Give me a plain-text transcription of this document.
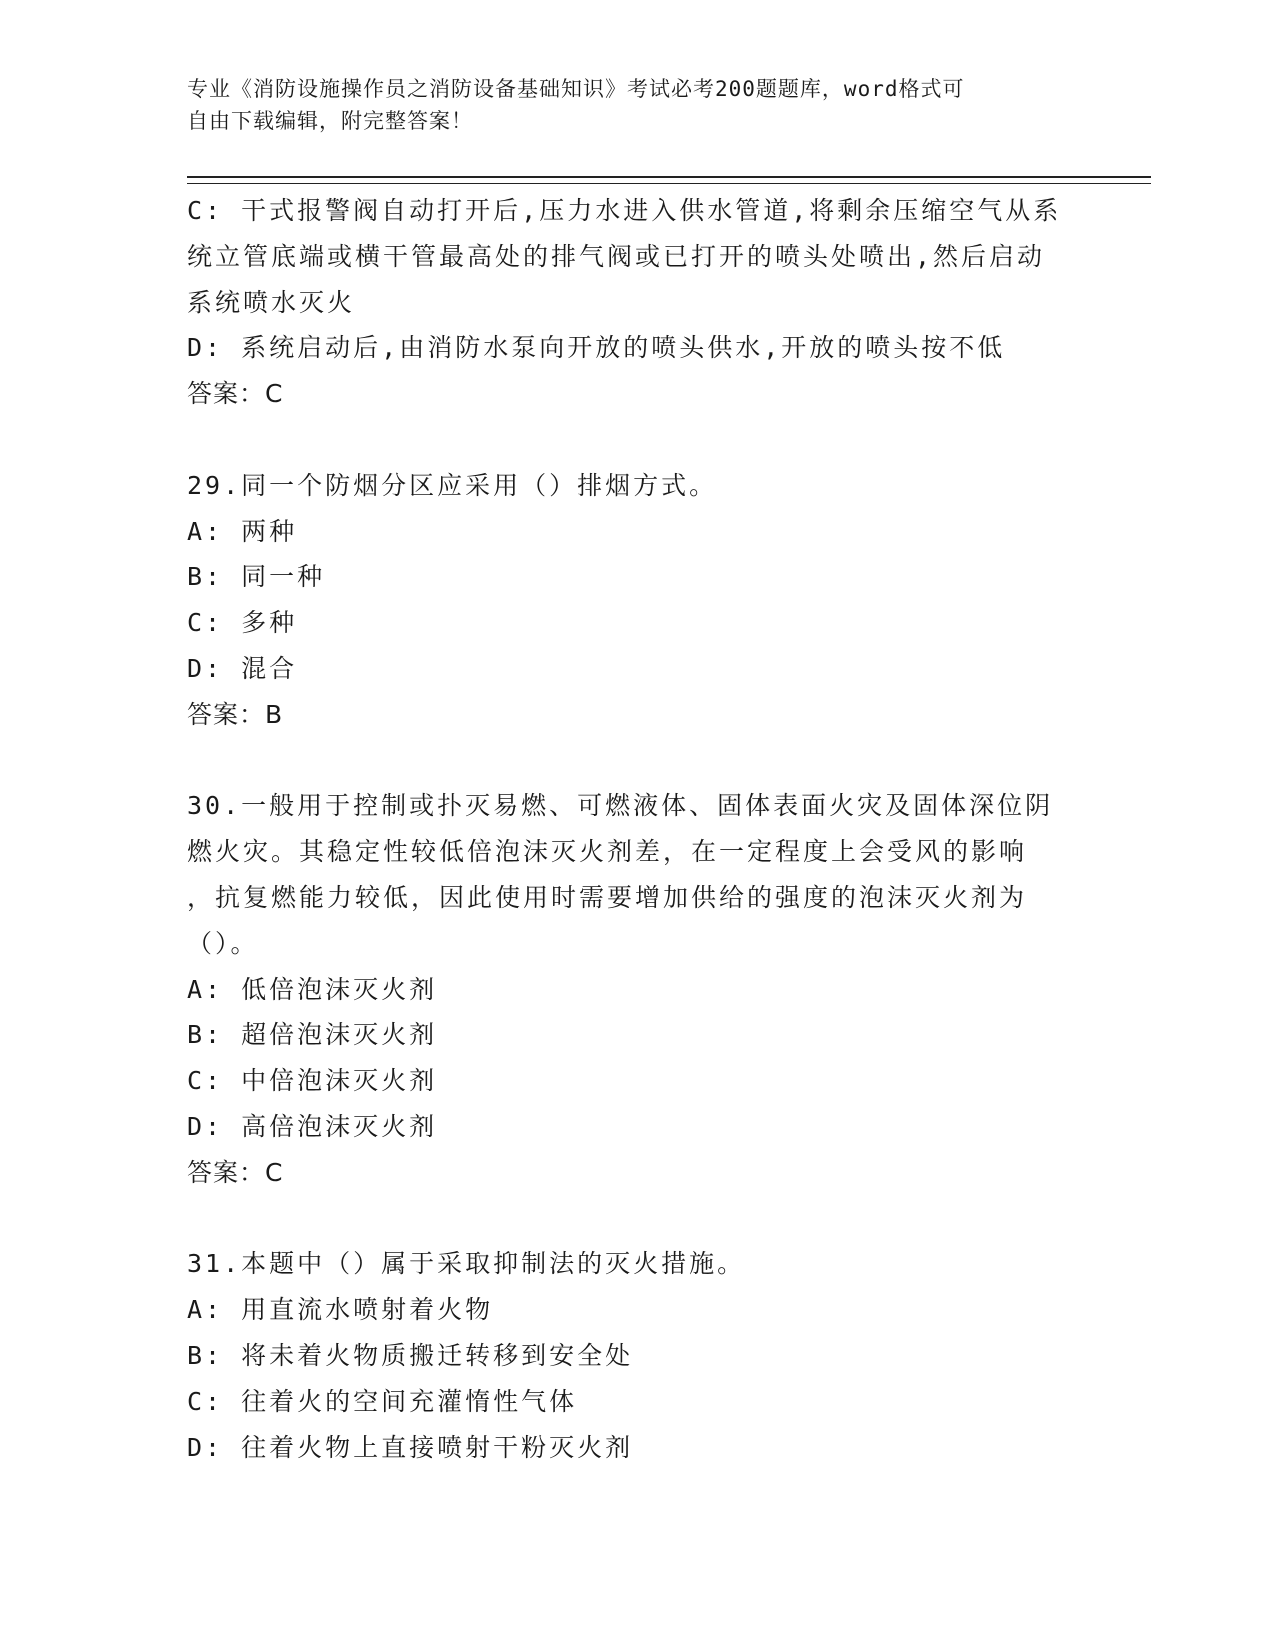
专业《消防设施操作员之消防设备基础知识》考试必考200题题库，word格式可
自由下载编辑，附完整答案！
C: 干式报警阀自动打开后,压力水进入供水管道,将剩余压缩空气从系
统立管底端或横干管最高处的排气阀或已打开的喷头处喷出,然后启动
系统喷水灭火
D: 系统启动后,由消防水泵向开放的喷头供水,开放的喷头按不低
答案：C
29.同一个防烟分区应采用（）排烟方式。
A: 两种
B: 同一种
C: 多种
D: 混合
答案：B
30.一般用于控制或扑灭易燃、可燃液体、固体表面火灾及固体深位阴
燃火灾。其稳定性较低倍泡沫灭火剂差，在一定程度上会受风的影响
，抗复燃能力较低，因此使用时需要增加供给的强度的泡沫灭火剂为
（）。
A: 低倍泡沫灭火剂
B: 超倍泡沫灭火剂
C: 中倍泡沫灭火剂
D: 高倍泡沫灭火剂
答案：C
31.本题中（）属于采取抑制法的灭火措施。
A: 用直流水喷射着火物
B: 将未着火物质搬迁转移到安全处
C: 往着火的空间充灌惰性气体
D: 往着火物上直接喷射干粉灭火剂
